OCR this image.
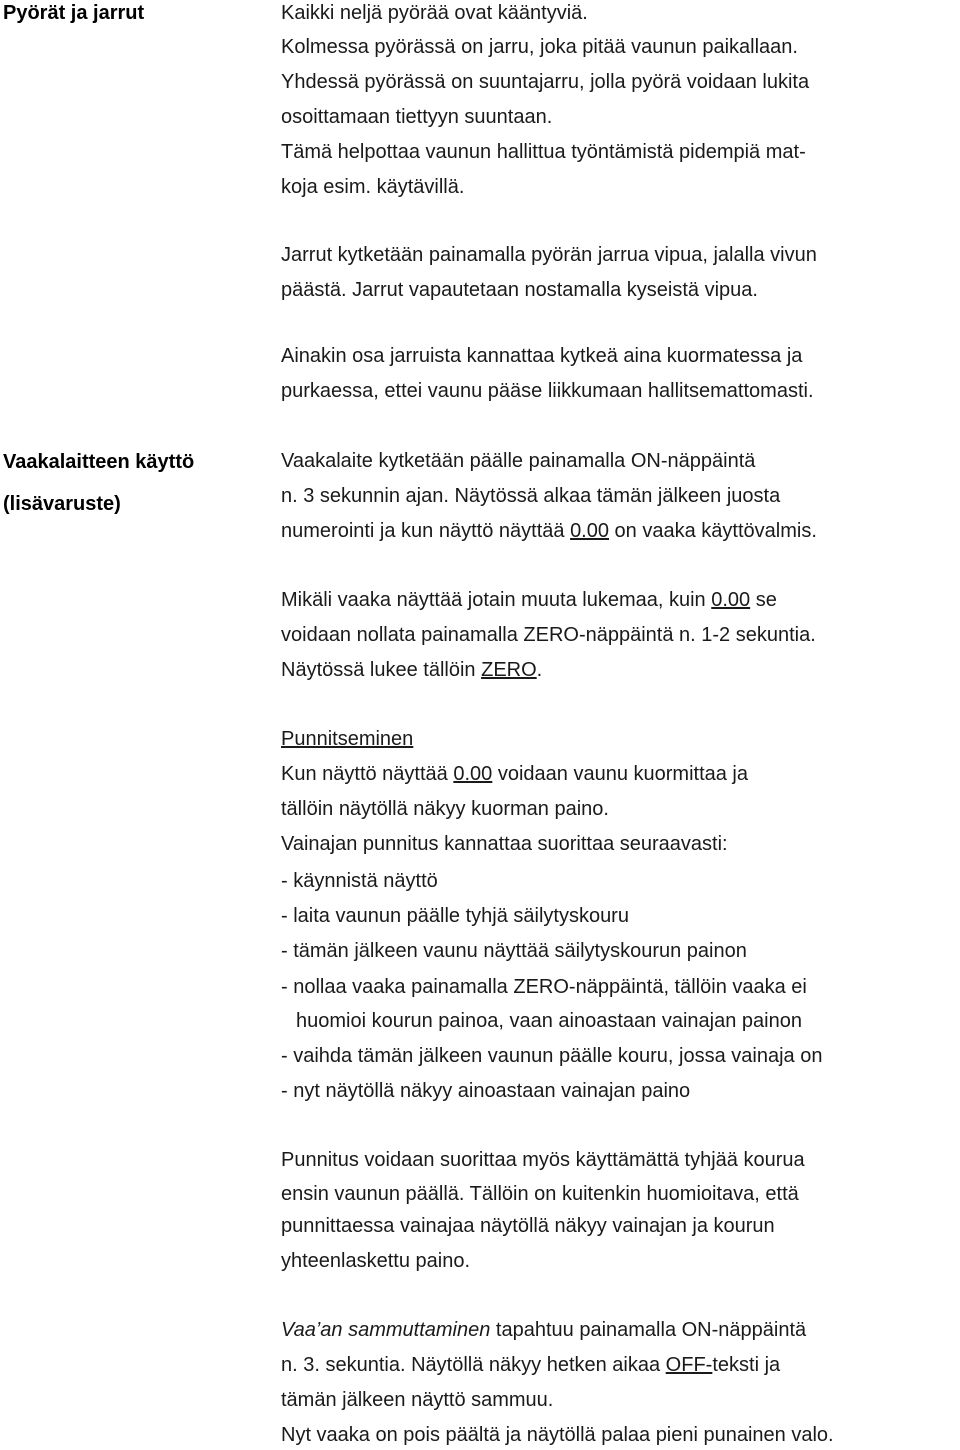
Pyörät ja jarrut	Kaikki neljä pyörää ovat kääntyviä.
Kolmessa pyörässä on jarru, joka pitää vaunun paikallaan.
Yhdessä pyörässä on suuntajarru, jolla pyörä voidaan lukita
osoittamaan tiettyyn suuntaan.
Tämä helpottaa vaunun hallittua työntämistä pidempiä mat-
koja esim. käytävillä.
Jarrut kytketään painamalla pyörän jarrua vipua, jalalla vivun
päästä. Jarrut vapautetaan nostamalla kyseistä vipua.
Ainakin osa jarruista kannattaa kytkeä aina kuormatessa ja
purkaessa, ettei vaunu pääse liikkumaan hallitsemattomasti.
Vaakalaitteen käyttö
(lisävaruste)
Vaakalaite kytketään päälle painamalla ON-näppäintä
n. 3 sekunnin ajan. Näytössä alkaa tämän jälkeen juosta
numerointi ja kun näyttö näyttää 0.00 on vaaka käyttövalmis.
Mikäli vaaka näyttää jotain muuta lukemaa, kuin 0.00 se
voidaan nollata painamalla ZERO-näppäintä n. 1-2 sekuntia.
Näytössä lukee tällöin ZERO.
Punnitseminen
Kun näyttö näyttää 0.00 voidaan vaunu kuormittaa ja
tällöin näytöllä näkyy kuorman paino.
Vainajan punnitus kannattaa suorittaa seuraavasti:
- käynnistä näyttö
- laita vaunun päälle tyhjä säilytyskouru
- tämän jälkeen vaunu näyttää säilytyskourun painon
- nollaa vaaka painamalla ZERO-näppäintä, tällöin vaaka ei
huomioi kourun painoa, vaan ainoastaan vainajan painon
- vaihda tämän jälkeen vaunun päälle kouru, jossa vainaja on
- nyt näytöllä näkyy ainoastaan vainajan paino
Punnitus voidaan suorittaa myös käyttämättä tyhjää kourua
ensin vaunun päällä. Tällöin on kuitenkin huomioitava, että
punnittaessa vainajaa näytöllä näkyy vainajan ja kourun
yhteenlaskettu paino.
Vaa’an sammuttaminen tapahtuu painamalla ON-näppäintä
n. 3. sekuntia. Näytöllä näkyy hetken aikaa OFF-teksti ja
tämän jälkeen näyttö sammuu.
Nyt vaaka on pois päältä ja näytöllä palaa pieni punainen valo.
